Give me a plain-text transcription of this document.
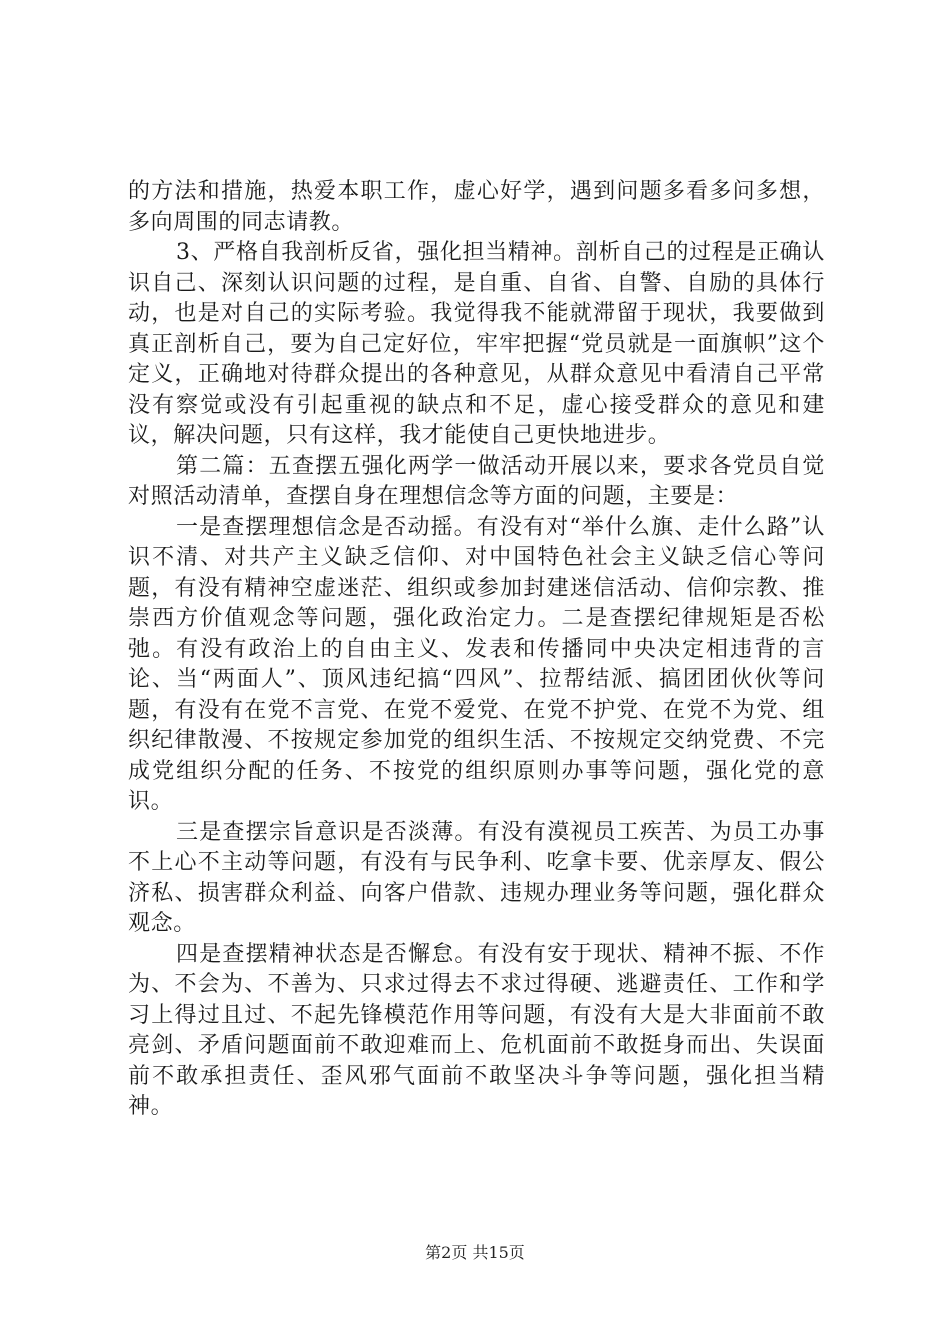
的方法和措施，热爱本职工作，虚心好学，遇到问题多看多问多想，多向周围的同志请教。

3、严格自我剖析反省，强化担当精神。剖析自己的过程是正确认识自己、深刻认识问题的过程，是自重、自省、自警、自励的具体行动，也是对自己的实际考验。我觉得我不能就滞留于现状，我要做到真正剖析自己，要为自己定好位，牢牢把握“党员就是一面旗帜”这个定义，正确地对待群众提出的各种意见，从群众意见中看清自己平常没有察觉或没有引起重视的缺点和不足，虚心接受群众的意见和建议，解决问题，只有这样，我才能使自己更快地进步。

第二篇：五查摆五强化两学一做活动开展以来，要求各党员自觉对照活动清单，查摆自身在理想信念等方面的问题，主要是：

一是查摆理想信念是否动摇。有没有对“举什么旗、走什么路”认识不清、对共产主义缺乏信仰、对中国特色社会主义缺乏信心等问题，有没有精神空虚迷茫、组织或参加封建迷信活动、信仰宗教、推崇西方价值观念等问题，强化政治定力。二是查摆纪律规矩是否松弛。有没有政治上的自由主义、发表和传播同中央决定相违背的言论、当“两面人”、顶风违纪搞“四风”、拉帮结派、搞团团伙伙等问题，有没有在党不言党、在党不爱党、在党不护党、在党不为党、组织纪律散漫、不按规定参加党的组织生活、不按规定交纳党费、不完成党组织分配的任务、不按党的组织原则办事等问题，强化党的意识。

三是查摆宗旨意识是否淡薄。有没有漠视员工疾苦、为员工办事不上心不主动等问题，有没有与民争利、吃拿卡要、优亲厚友、假公济私、损害群众利益、向客户借款、违规办理业务等问题，强化群众观念。

四是查摆精神状态是否懈怠。有没有安于现状、精神不振、不作为、不会为、不善为、只求过得去不求过得硬、逃避责任、工作和学习上得过且过、不起先锋模范作用等问题，有没有大是大非面前不敢亮剑、矛盾问题面前不敢迎难而上、危机面前不敢挺身而出、失误面前不敢承担责任、歪风邪气面前不敢坚决斗争等问题，强化担当精神。

第2页 共15页
